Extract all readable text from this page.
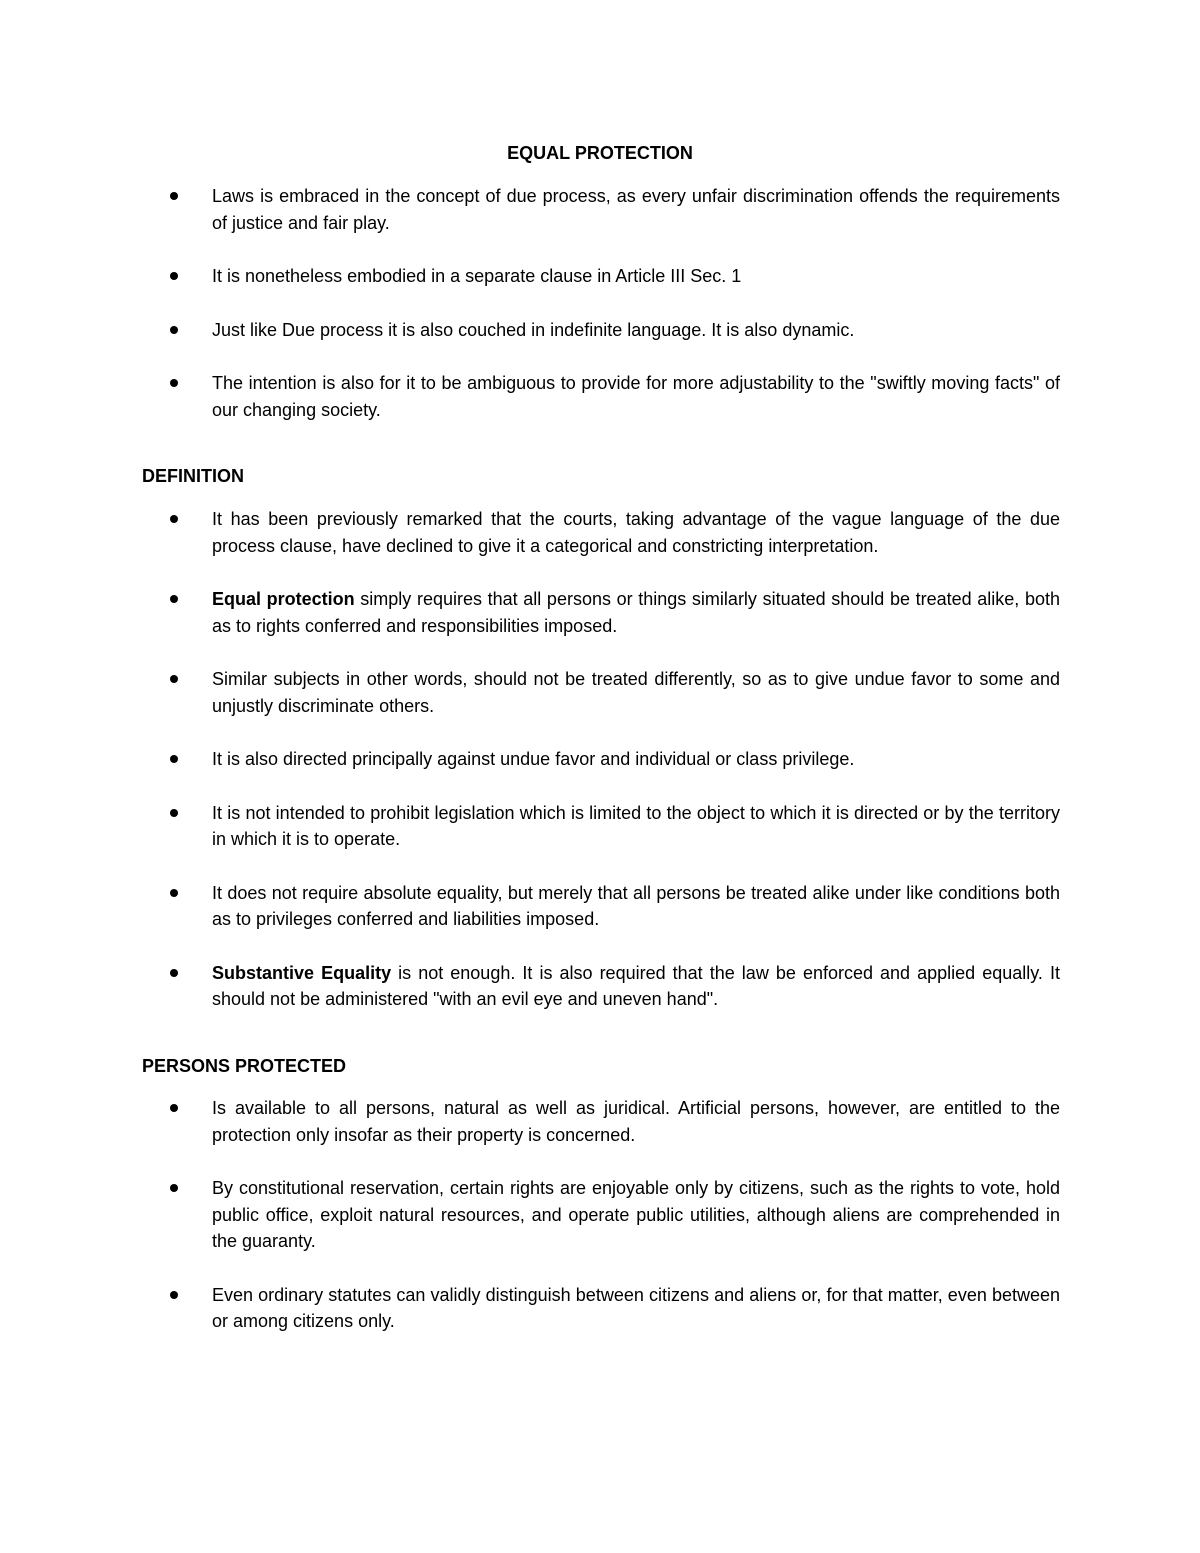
EQUAL PROTECTION
Laws is embraced in the concept of due process, as every unfair discrimination offends the requirements of justice and fair play.
It is nonetheless embodied in a separate clause in Article III Sec. 1
Just like Due process it is also couched in indefinite language. It is also dynamic.
The intention is also for it to be ambiguous to provide for more adjustability to the "swiftly moving facts" of our changing society.
DEFINITION
It has been previously remarked that the courts, taking advantage of the vague language of the due process clause, have declined to give it a categorical and constricting interpretation.
Equal protection simply requires that all persons or things similarly situated should be treated alike, both as to rights conferred and responsibilities imposed.
Similar subjects in other words, should not be treated differently, so as to give undue favor to some and unjustly discriminate others.
It is also directed principally against undue favor and individual or class privilege.
It is not intended to prohibit legislation which is limited to the object to which it is directed or by the territory in which it is to operate.
It does not require absolute equality, but merely that all persons be treated alike under like conditions both as to privileges conferred and liabilities imposed.
Substantive Equality is not enough. It is also required that the law be enforced and applied equally. It should not be administered "with an evil eye and uneven hand".
PERSONS PROTECTED
Is available to all persons, natural as well as juridical. Artificial persons, however, are entitled to the protection only insofar as their property is concerned.
By constitutional reservation, certain rights are enjoyable only by citizens, such as the rights to vote, hold public office, exploit natural resources, and operate public utilities, although aliens are comprehended in the guaranty.
Even ordinary statutes can validly distinguish between citizens and aliens or, for that matter, even between or among citizens only.
